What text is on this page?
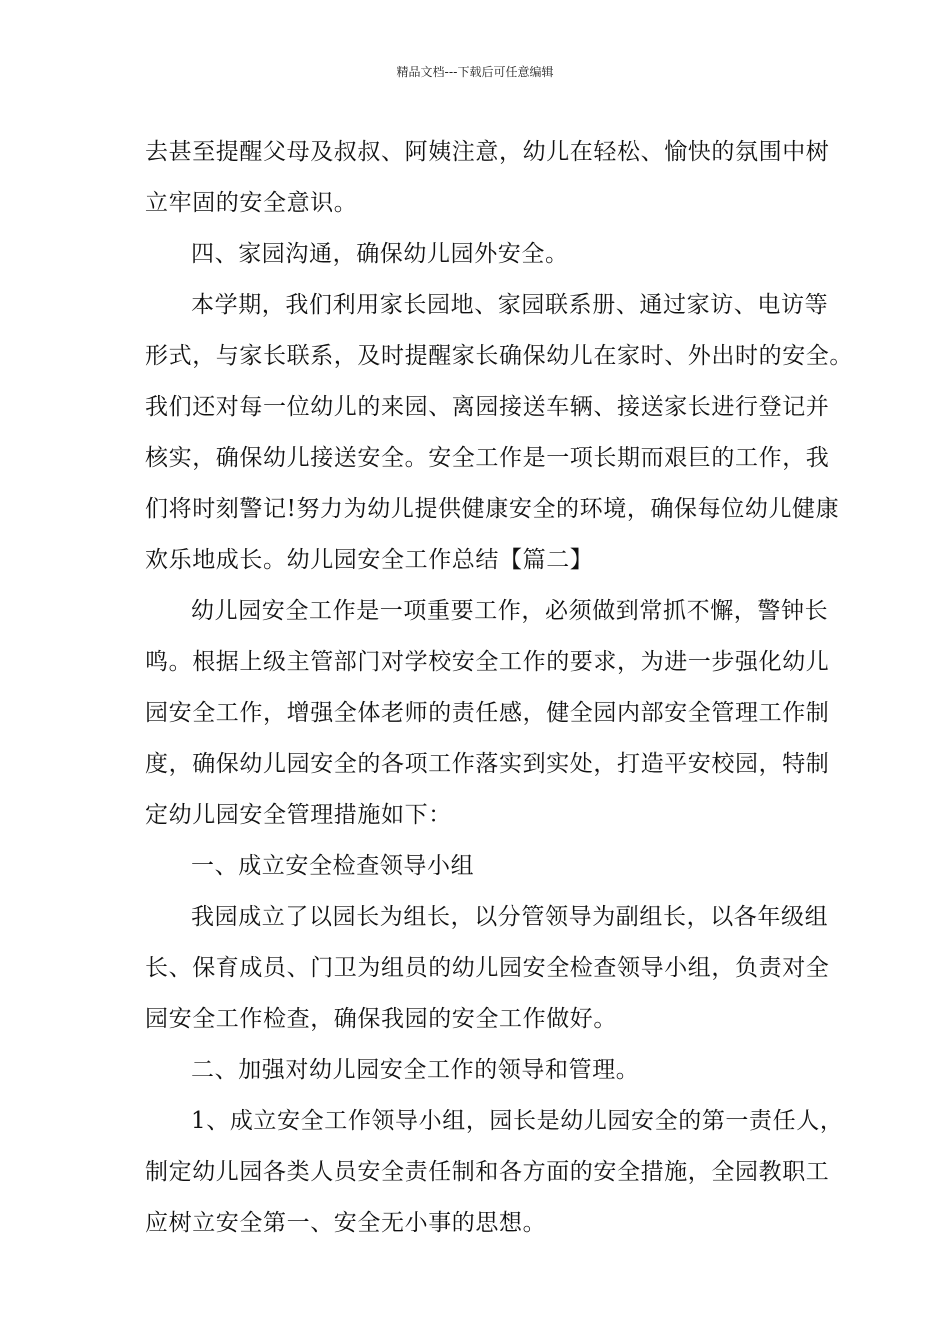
精品文档---下载后可任意编辑
去甚至提醒父母及叔叔、阿姨注意，幼儿在轻松、愉快的氛围中树
立牢固的安全意识。
四、家园沟通，确保幼儿园外安全。
本学期，我们利用家长园地、家园联系册、通过家访、电访等
形式，与家长联系，及时提醒家长确保幼儿在家时、外出时的安全。
我们还对每一位幼儿的来园、离园接送车辆、接送家长进行登记并
核实，确保幼儿接送安全。安全工作是一项长期而艰巨的工作，我
们将时刻警记!努力为幼儿提供健康安全的环境，确保每位幼儿健康
欢乐地成长。幼儿园安全工作总结【篇二】
幼儿园安全工作是一项重要工作，必须做到常抓不懈，警钟长
鸣。根据上级主管部门对学校安全工作的要求，为进一步强化幼儿
园安全工作，增强全体老师的责任感，健全园内部安全管理工作制
度，确保幼儿园安全的各项工作落实到实处，打造平安校园，特制
定幼儿园安全管理措施如下：
一、成立安全检查领导小组
我园成立了以园长为组长，以分管领导为副组长，以各年级组
长、保育成员、门卫为组员的幼儿园安全检查领导小组，负责对全
园安全工作检查，确保我园的安全工作做好。
二、加强对幼儿园安全工作的领导和管理。
1、成立安全工作领导小组，园长是幼儿园安全的第一责任人，
制定幼儿园各类人员安全责任制和各方面的安全措施，全园教职工
应树立安全第一、安全无小事的思想。
